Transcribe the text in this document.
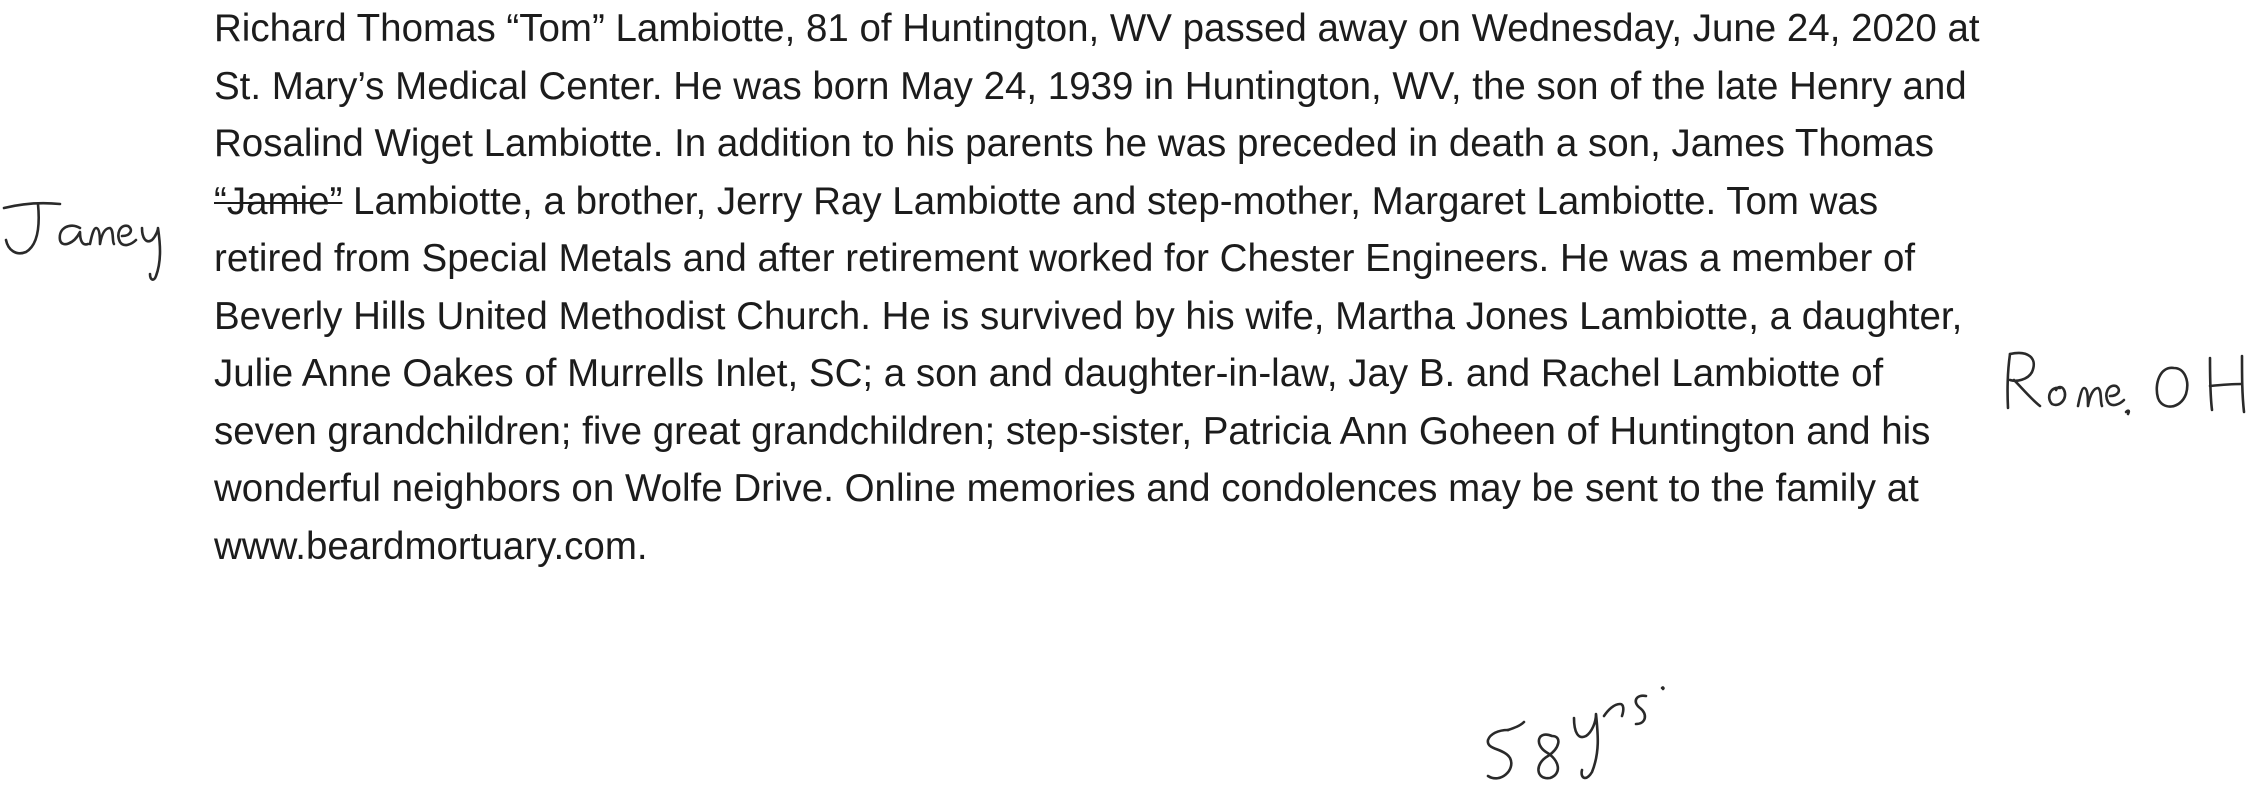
Richard Thomas “Tom” Lambiotte, 81 of Huntington, WV passed away on Wednesday, June 24, 2020 at
St. Mary’s Medical Center. He was born May 24, 1939 in Huntington, WV, the son of the late Henry and
Rosalind Wiget Lambiotte. In addition to his parents he was preceded in death a son, James Thomas
“Jamie” Lambiotte, a brother, Jerry Ray Lambiotte and step-mother, Margaret Lambiotte. Tom was
retired from Special Metals and after retirement worked for Chester Engineers. He was a member of
Beverly Hills United Methodist Church. He is survived by his wife, Martha Jones Lambiotte, a daughter,
Julie Anne Oakes of Murrells Inlet, SC; a son and daughter-in-law, Jay B. and Rachel Lambiotte of
seven grandchildren; five great grandchildren; step-sister, Patricia Ann Goheen of Huntington and his
wonderful neighbors on Wolfe Drive. Online memories and condolences may be sent to the family at
www.beardmortuary.com.
